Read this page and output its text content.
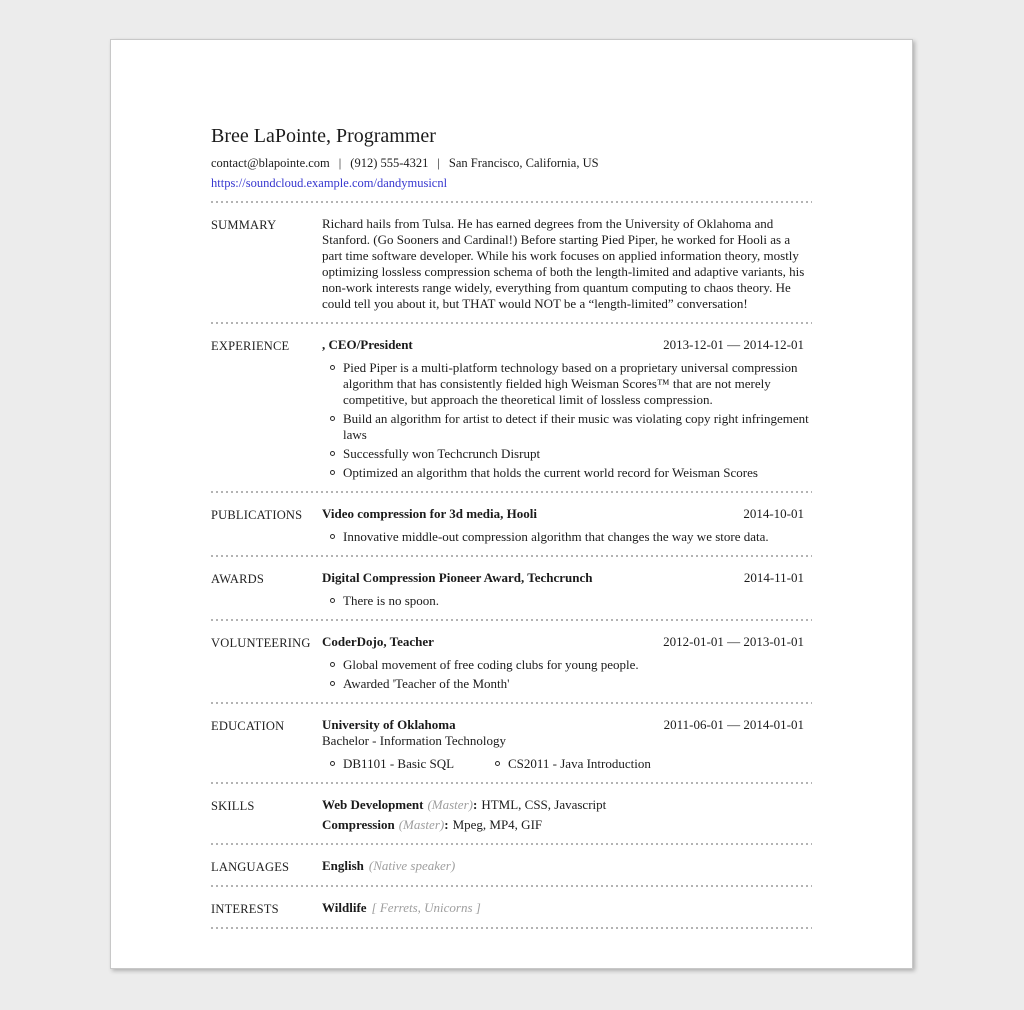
Bree LaPointe, Programmer
contact@blapointe.com | (912) 555-4321 | San Francisco, California, US
https://soundcloud.example.com/dandymusicnl
SUMMARY	Richard hails from Tulsa. He has earned degrees from the University of Oklahoma and Stanford. (Go Sooners and Cardinal!) Before starting Pied Piper, he worked for Hooli as a part time software developer. While his work focuses on applied information theory, mostly optimizing lossless compression schema of both the length-limited and adaptive variants, his non-work interests range widely, everything from quantum computing to chaos theory. He could tell you about it, but THAT would NOT be a “length-limited” conversation!

EXPERIENCE	, CEO/President	2013-12-01 — 2014-12-01
Pied Piper is a multi-platform technology based on a proprietary universal compression algorithm that has consistently fielded high Weisman Scores™ that are not merely competitive, but approach the theoretical limit of lossless compression.
Build an algorithm for artist to detect if their music was violating copy right infringement laws
Successfully won Techcrunch Disrupt
Optimized an algorithm that holds the current world record for Weisman Scores
PUBLICATIONS	Video compression for 3d media, Hooli	2014-10-01
Innovative middle-out compression algorithm that changes the way we store data.
AWARDS	Digital Compression Pioneer Award, Techcrunch	2014-11-01
There is no spoon.
VOLUNTEERING CoderDojo, Teacher	2012-01-01 — 2013-01-01
Global movement of free coding clubs for young people.
Awarded 'Teacher of the Month'
EDUCATION	University of Oklahoma	2011-06-01 — 2014-01-01
Bachelor - Information Technology
DB1101 - Basic SQL	CS2011 - Java Introduction
SKILLS	Web Development (Master): HTML, CSS, Javascript
Compression (Master): Mpeg, MP4, GIF
LANGUAGES	English (Native speaker)
INTERESTS	Wildlife [ Ferrets, Unicorns ]
